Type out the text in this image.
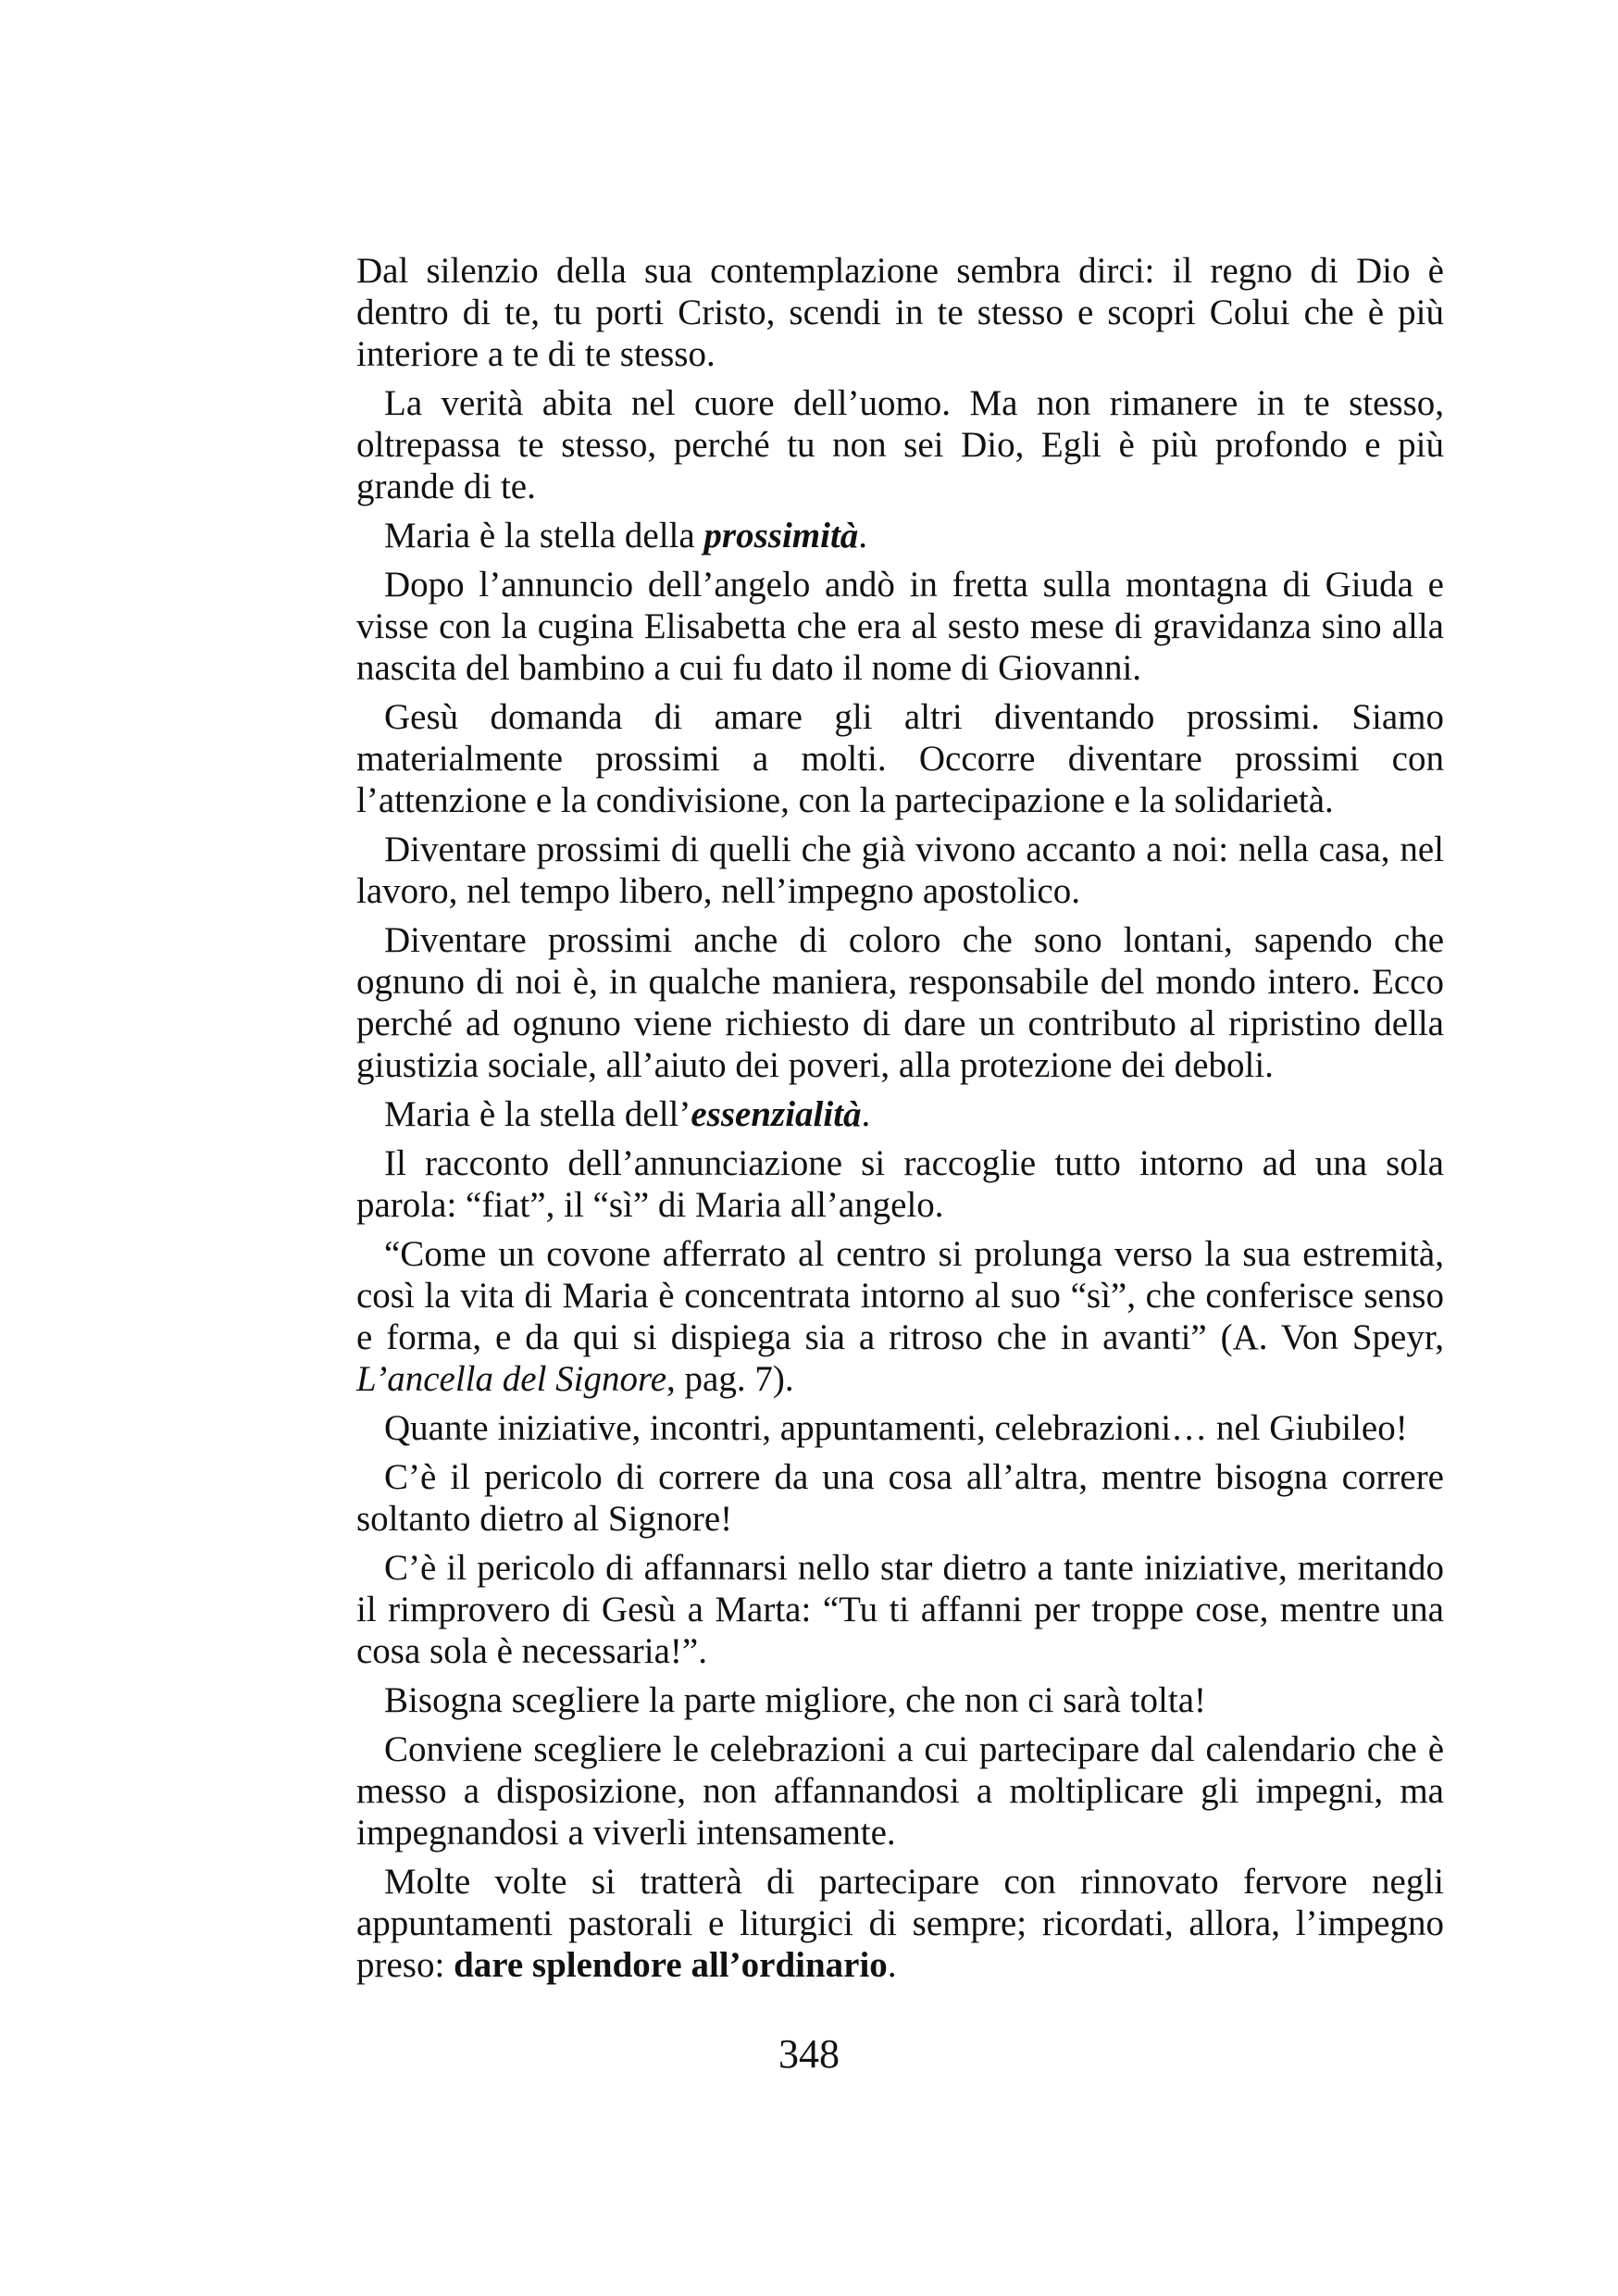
Dal silenzio della sua contemplazione sembra dirci: il regno di Dio è dentro di te, tu porti Cristo, scendi in te stesso e scopri Colui che è più interiore a te di te stesso.

La verità abita nel cuore dell’uomo. Ma non rimanere in te stesso, oltrepassa te stesso, perché tu non sei Dio, Egli è più profondo e più grande di te.

Maria è la stella della prossimità.

Dopo l’annuncio dell’angelo andò in fretta sulla montagna di Giuda e visse con la cugina Elisabetta che era al sesto mese di gravidanza sino alla nascita del bambino a cui fu dato il nome di Giovanni.

Gesù domanda di amare gli altri diventando prossimi. Siamo materialmente prossimi a molti. Occorre diventare prossimi con l’attenzione e la condivisione, con la partecipazione e la solidarietà.

Diventare prossimi di quelli che già vivono accanto a noi: nella casa, nel lavoro, nel tempo libero, nell’impegno apostolico.

Diventare prossimi anche di coloro che sono lontani, sapendo che ognuno di noi è, in qualche maniera, responsabile del mondo intero. Ecco perché ad ognuno viene richiesto di dare un contributo al ripristino della giustizia sociale, all’aiuto dei poveri, alla protezione dei deboli.

Maria è la stella dell’essenzialità.

Il racconto dell’annunciazione si raccoglie tutto intorno ad una sola parola: “fiat”, il “sì” di Maria all’angelo.

“Come un covone afferrato al centro si prolunga verso la sua estremità, così la vita di Maria è concentrata intorno al suo “sì”, che conferisce senso e forma, e da qui si dispiega sia a ritroso che in avanti” (A. Von Speyr, L’ancella del Signore, pag. 7).

Quante iniziative, incontri, appuntamenti, celebrazioni… nel Giubileo!

C’è il pericolo di correre da una cosa all’altra, mentre bisogna correre soltanto dietro al Signore!

C’è il pericolo di affannarsi nello star dietro a tante iniziative, meritando il rimprovero di Gesù a Marta: “Tu ti affanni per troppe cose, mentre una cosa sola è necessaria!”.

Bisogna scegliere la parte migliore, che non ci sarà tolta!

Conviene scegliere le celebrazioni a cui partecipare dal calendario che è messo a disposizione, non affannandosi a moltiplicare gli impegni, ma impegnandosi a viverli intensamente.

Molte volte si tratterà di partecipare con rinnovato fervore negli appuntamenti pastorali e liturgici di sempre; ricordati, allora, l’impegno preso: dare splendore all’ordinario.

348
